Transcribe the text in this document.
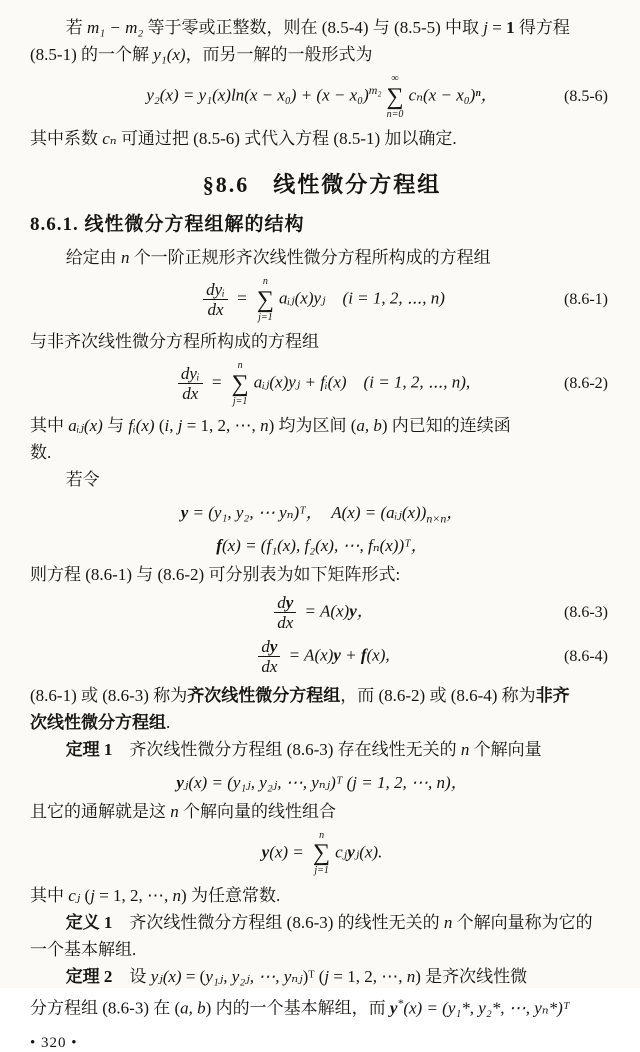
若 m₁ − m₂ 等于零或正整数，则在 (8.5-4) 与 (8.5-5) 中取 j = 1 得方程
(8.5-1) 的一个解 y₁(x)，而另一解的一般形式为
$y_2(x) = y_1(x)\ln(x - x_0) + (x - x_0)^{m_2}$
∞
∑
n=0
cₙ(x − x₀)ⁿ，	(8.5-6)
其中系数 cₙ 可通过把 (8.5-6) 式代入方程 (8.5-1) 加以确定.
§8.6　线性微分方程组
8.6.1. 线性微分方程组解的结构
给定由 n 个一阶正规形齐次线性微分方程所构成的方程组
$\frac{\text{dyᵢ}}{dx}$ =
n
∑
j=1
aᵢⱼ(x)yⱼ　(i = 1, 2, ⋯, n)	(8.6-1)
与非齐次线性微分方程所构成的方程组
$\frac{\text{dyᵢ}}{dx}$ =
n
∑
j=1
aᵢⱼ(x)yⱼ + fᵢ(x)　(i = 1, 2, ⋯, n),	(8.6-2)
其中 aᵢⱼ(x) 与 fᵢ(x) (i, j = 1, 2, ⋯, n) 均为区间 (a, b) 内已知的连续函
数.
若令
y = (y₁, y₂, ⋯ yₙ)ᵀ，　$A(x) = (aᵢⱼ(x))_{n\times n}$，
f(x) = (f₁(x), f₂(x), ⋯, fₙ(x))ᵀ，
则方程 (8.6-1) 与 (8.6-2) 可分别表为如下矩阵形式:
$\frac{dy}{dx} = A(x)y$，	(8.6-3)
$\frac{dy}{dx} = A(x)y + f(x)$,	(8.6-4)
(8.6-1) 或 (8.6-3) 称为齐次线性微分方程组，而 (8.6-2) 或 (8.6-4) 称为非齐
次线性微分方程组.
定理 1　齐次线性微分方程组 (8.6-3) 存在线性无关的 n 个解向量
yⱼ(x) = (y₁ⱼ, y₂ⱼ, ⋯, yₙⱼ)ᵀ (j = 1, 2, ⋯, n)，
且它的通解就是这 n 个解向量的线性组合
y(x) =
n
∑
j=1
cⱼyⱼ(x).
其中 cⱼ (j = 1, 2, ⋯, n) 为任意常数.
定义 1　齐次线性微分方程组 (8.6-3) 的线性无关的 n 个解向量称为它的
一个基本解组.
定理 2　设 yⱼ(x) = (y₁ⱼ, y₂ⱼ, ⋯, yₙⱼ)ᵀ (j = 1, 2, ⋯, n) 是齐次线性微
分方程组 (8.6-3) 在 (a, b) 内的一个基本解组，而 y*(x) = (y₁*, y₂*, ⋯, yₙ*)ᵀ
• 320 •
